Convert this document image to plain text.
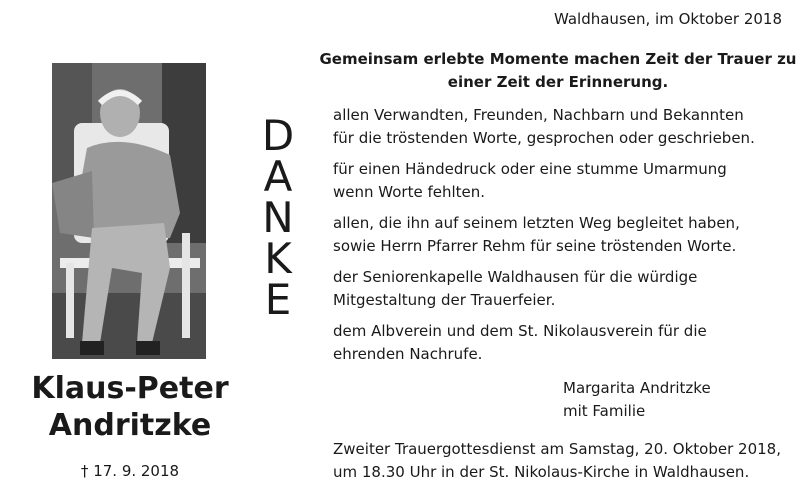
Waldhausen, im Oktober 2018
Klaus-Peter
Andritzke
† 17. 9. 2018
D
A
N
K
E
Gemeinsam erlebte Momente machen Zeit der Trauer zu
einer Zeit der Erinnerung.

allen Verwandten, Freunden, Nachbarn und Bekannten
für die tröstenden Worte, gesprochen oder geschrieben.

für einen Händedruck oder eine stumme Umarmung
wenn Worte fehlten.

allen, die ihn auf seinem letzten Weg begleitet haben,
sowie Herrn Pfarrer Rehm für seine tröstenden Worte.

der Seniorenkapelle Waldhausen für die würdige
Mitgestaltung der Trauerfeier.

dem Albverein und dem St. Nikolausverein für die
ehrenden Nachrufe.

Margarita Andritzke
mit Familie
Zweiter Trauergottesdienst am Samstag, 20. Oktober 2018,
um 18.30 Uhr in der St. Nikolaus-Kirche in Waldhausen.
